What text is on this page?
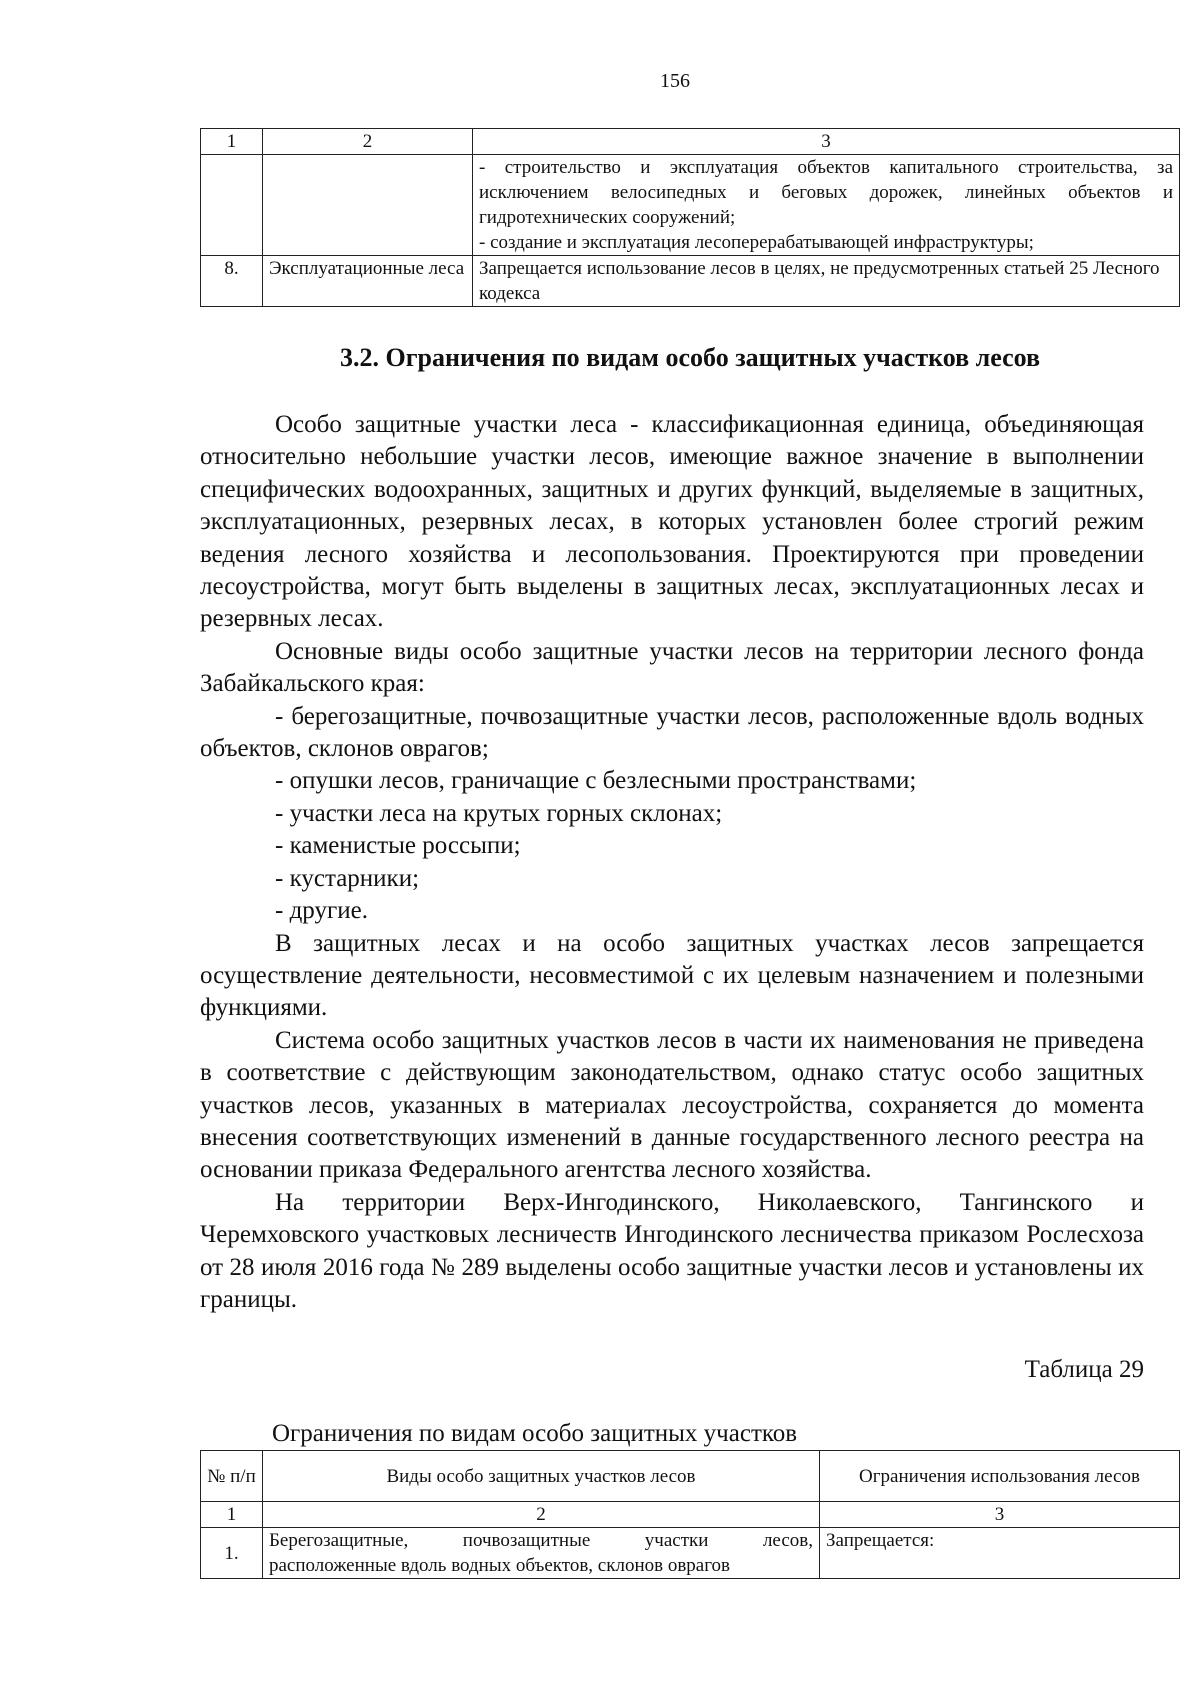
156
1	2	3

		- строительство и эксплуатация объектов капитального строительства, за исключением велосипедных и беговых дорожек, линейных объектов и гидротехнических сооружений;
- создание и эксплуатация лесоперерабатывающей инфраструктуры;

8.	Эксплуатационные леса	Запрещается использование лесов в целях, не предусмотренных статьей 25 Лесного кодекса
3.2. Ограничения по видам особо защитных участков лесов

Особо защитные участки леса - классификационная единица, объединяющая относительно небольшие участки лесов, имеющие важное значение в выполнении специфических водоохранных, защитных и других функций, выделяемые в защитных, эксплуатационных, резервных лесах, в которых установлен более строгий режим ведения лесного хозяйства и лесопользования. Проектируются при проведении лесоустройства, могут быть выделены в защитных лесах, эксплуатационных лесах и резервных лесах.

Основные виды особо защитные участки лесов на территории лесного фонда Забайкальского края:

- берегозащитные, почвозащитные участки лесов, расположенные вдоль водных объектов, склонов оврагов;

- опушки лесов, граничащие с безлесными пространствами;

- участки леса на крутых горных склонах;

- каменистые россыпи;

- кустарники;

- другие.

В защитных лесах и на особо защитных участках лесов запрещается осуществление деятельности, несовместимой с их целевым назначением и полезными функциями.

Система особо защитных участков лесов в части их наименования не приведена в соответствие с действующим законодательством, однако статус особо защитных участков лесов, указанных в материалах лесоустройства, сохраняется до момента внесения соответствующих изменений в данные государственного лесного реестра на основании приказа Федерального агентства лесного хозяйства.

На территории Верх-Ингодинского, Николаевского, Тангинского и Черемховского участковых лесничеств Ингодинского лесничества приказом Рослесхоза от 28 июля 2016 года № 289 выделены особо защитные участки лесов и установлены их границы.

Таблица 29
Ограничения по видам особо защитных участков
№ п/п	Виды особо защитных участков лесов	Ограничения использования лесов
1	2	3
1.	Берегозащитные, почвозащитные участки лесов,
расположенные вдоль водных объектов, склонов оврагов	Запрещается:
